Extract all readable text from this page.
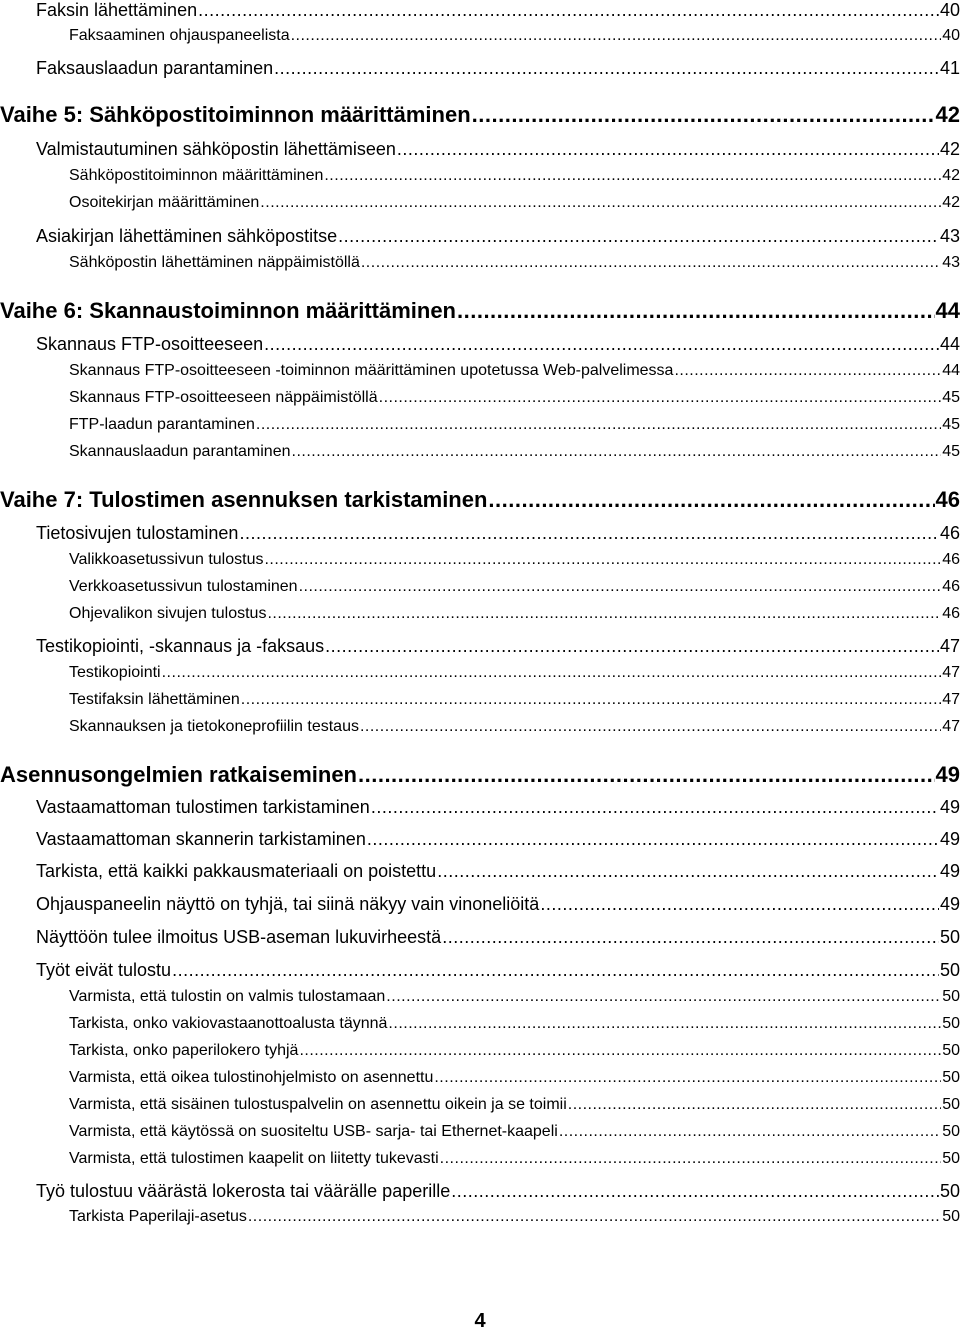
Faksin lähettäminen .....	40
Faksaaminen ohjauspaneelista .....	40
Faksauslaadun parantaminen .....	41
Vaihe 5: Sähköpostitoiminnon määrittäminen .....	42
Valmistautuminen sähköpostin lähettämiseen .....	42
Sähköpostitoiminnon määrittäminen .....	42
Osoitekirjan määrittäminen .....	42
Asiakirjan lähettäminen sähköpostitse .....	43
Sähköpostin lähettäminen näppäimistöllä .....	43
Vaihe 6: Skannaustoiminnon määrittäminen .....	44
Skannaus FTP-osoitteeseen .....	44
Skannaus FTP-osoitteeseen -toiminnon määrittäminen upotetussa Web-palvelimessa .....	44
Skannaus FTP-osoitteeseen näppäimistöllä .....	45
FTP-laadun parantaminen .....	45
Skannauslaadun parantaminen .....	45
Vaihe 7: Tulostimen asennuksen tarkistaminen .....	46
Tietosivujen tulostaminen .....	46
Valikkoasetussivun tulostus .....	46
Verkkoasetussivun tulostaminen .....	46
Ohjevalikon sivujen tulostus .....	46
Testikopiointi, -skannaus ja -faksaus .....	47
Testikopiointi .....	47
Testifaksin lähettäminen .....	47
Skannauksen ja tietokoneprofiilin testaus .....	47
Asennusongelmien ratkaiseminen .....	49
Vastaamattoman tulostimen tarkistaminen .....	49
Vastaamattoman skannerin tarkistaminen .....	49
Tarkista, että kaikki pakkausmateriaali on poistettu .....	49
Ohjauspaneelin näyttö on tyhjä, tai siinä näkyy vain vinoneliöitä .....	49
Näyttöön tulee ilmoitus USB-aseman lukuvirheestä .....	50
Työt eivät tulostu .....	50
Varmista, että tulostin on valmis tulostamaan .....	50
Tarkista, onko vakiovastaanottoalusta täynnä .....	50
Tarkista, onko paperilokero tyhjä .....	50
Varmista, että oikea tulostinohjelmisto on asennettu .....	50
Varmista, että sisäinen tulostuspalvelin on asennettu oikein ja se toimii .....	50
Varmista, että käytössä on suositeltu USB- sarja- tai Ethernet-kaapeli .....	50
Varmista, että tulostimen kaapelit on liitetty tukevasti .....	50
Työ tulostuu väärästä lokerosta tai väärälle paperille .....	50
Tarkista Paperilaji-asetus .....	50
4
